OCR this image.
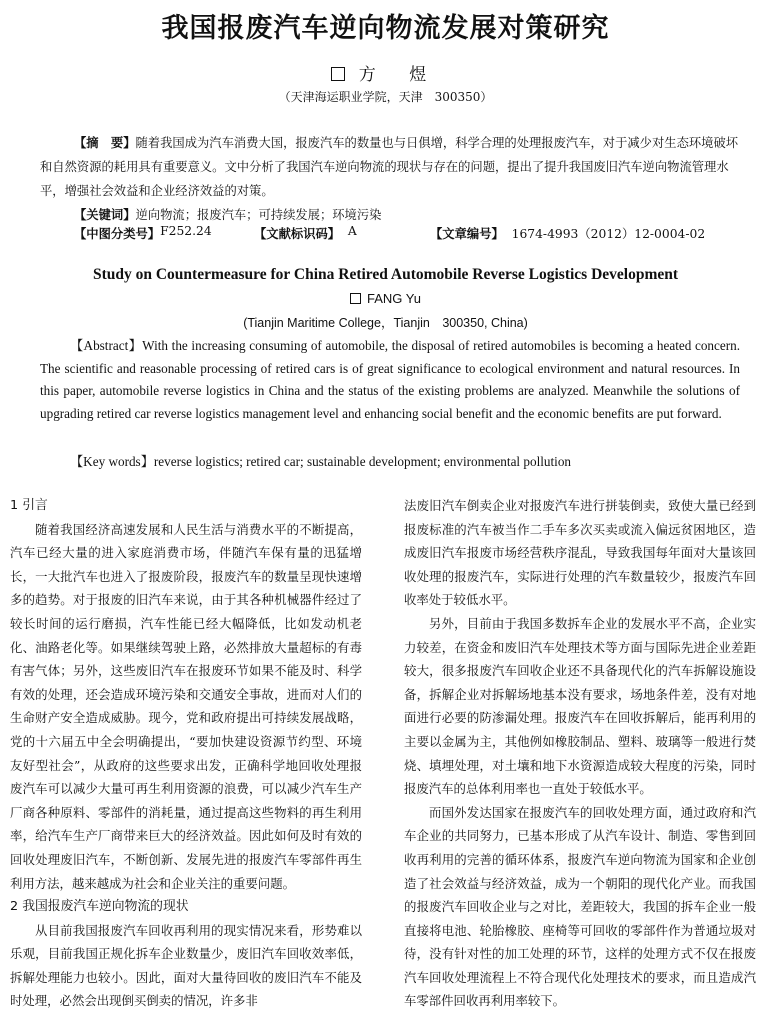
我国报废汽车逆向物流发展对策研究
方 煜
（天津海运职业学院，天津　300350）

【摘　要】随着我国成为汽车消费大国，报废汽车的数量也与日俱增，科学合理的处理报废汽车，对于减少对生态环境破坏和自然资源的耗用具有重要意义。文中分析了我国汽车逆向物流的现状与存在的问题，提出了提升我国废旧汽车逆向物流管理水平，增强社会效益和企业经济效益的对策。

【关键词】逆向物流；报废汽车；可持续发展；环境污染

【中图分类号】 F252.24	【文献标识码】 A	【文章编号】 1674-4993（2012）12-0004-02
Study on Countermeasure for China Retired Automobile Reverse Logistics Development
FANG Yu
(Tianjin Maritime College，Tianjin　300350, China)

【Abstract】With the increasing consuming of automobile, the disposal of retired automobiles is becoming a heated concern. The scientific and reasonable processing of retired cars is of great significance to ecological environment and natural resources. In this paper, automobile reverse logistics in China and the status of the existing problems are analyzed. Meanwhile the solutions of upgrading retired car reverse logistics management level and enhancing social benefit and the economic benefits are put forward.

【Key words】reverse logistics; retired car; sustainable development; environmental pollution
1 引言

随着我国经济高速发展和人民生活与消费水平的不断提高，汽车已经大量的进入家庭消费市场，伴随汽车保有量的迅猛增长，一大批汽车也进入了报废阶段，报废汽车的数量呈现快速增多的趋势。对于报废的旧汽车来说，由于其各种机械器件经过了较长时间的运行磨损，汽车性能已经大幅降低，比如发动机老化、油路老化等。如果继续驾驶上路，必然排放大量超标的有毒有害气体；另外，这些废旧汽车在报废环节如果不能及时、科学有效的处理，还会造成环境污染和交通安全事故，进而对人们的生命财产安全造成威胁。现今，党和政府提出可持续发展战略，党的十六届五中全会明确提出，“要加快建设资源节约型、环境友好型社会”，从政府的这些要求出发，正确科学地回收处理报废汽车可以减少大量可再生利用资源的浪费，可以减少汽车生产厂商各种原料、零部件的消耗量，通过提高这些物料的再生利用率，给汽车生产厂商带来巨大的经济效益。因此如何及时有效的回收处理废旧汽车，不断创新、发展先进的报废汽车零部件再生利用方法，越来越成为社会和企业关注的重要问题。

2 我国报废汽车逆向物流的现状

从目前我国报废汽车回收再利用的现实情况来看，形势难以乐观，目前我国正规化拆车企业数量少，废旧汽车回收效率低，拆解处理能力也较小。因此，面对大量待回收的废旧汽车不能及时处理，必然会出现倒买倒卖的情况，许多非

法废旧汽车倒卖企业对报废汽车进行拼装倒卖，致使大量已经到报废标准的汽车被当作二手车多次买卖或流入偏远贫困地区，造成废旧汽车报废市场经营秩序混乱，导致我国每年面对大量该回收处理的报废汽车，实际进行处理的汽车数量较少，报废汽车回收率处于较低水平。

另外，目前由于我国多数拆车企业的发展水平不高，企业实力较差，在资金和废旧汽车处理技术等方面与国际先进企业差距较大，很多报废汽车回收企业还不具备现代化的汽车拆解设施设备，拆解企业对拆解场地基本没有要求，场地条件差，没有对地面进行必要的防渗漏处理。报废汽车在回收拆解后，能再利用的主要以金属为主，其他例如橡胶制品、塑料、玻璃等一般进行焚烧、填埋处理，对土壤和地下水资源造成较大程度的污染，同时报废汽车的总体利用率也一直处于较低水平。

而国外发达国家在报废汽车的回收处理方面，通过政府和汽车企业的共同努力，已基本形成了从汽车设计、制造、零售到回收再利用的完善的循环体系，报废汽车逆向物流为国家和企业创造了社会效益与经济效益，成为一个朝阳的现代化产业。而我国的报废汽车回收企业与之对比，差距较大，我国的拆车企业一般直接将电池、轮胎橡胶、座椅等可回收的零部件作为普通垃圾对待，没有针对性的加工处理的环节，这样的处理方式不仅在报废汽车回收处理流程上不符合现代化处理技术的要求，而且造成汽车零部件回收再利用率较下。
